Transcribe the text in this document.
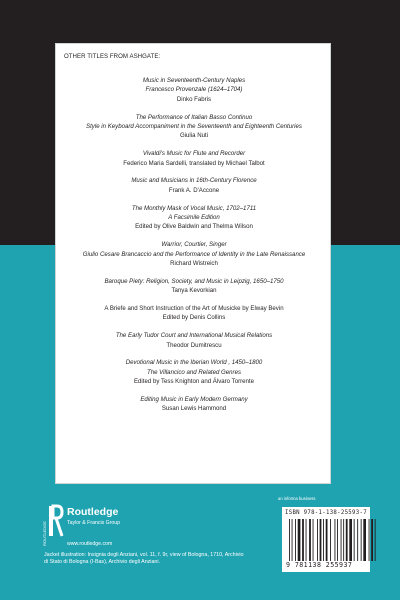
OTHER TITLES FROM ASHGATE:
Music in Seventeenth-Century Naples
Francesco Provenzale (1624–1704)
Dinko Fabris
The Performance of Italian Basso Continuo
Style in Keyboard Accompaniment in the Seventeenth and Eighteenth Centuries
Giulia Nuti
Vivaldi's Music for Flute and Recorder
Federico Maria Sardelli, translated by Michael Talbot
Music and Musicians in 16th-Century Florence
Frank A. D'Accone
The Monthly Mask of Vocal Music, 1702–1711
A Facsimile Edition
Edited by Olive Baldwin and Thelma Wilson
Warrior, Courtier, Singer
Giulio Cesare Brancaccio and the Performance of Identity in the Late Renaissance
Richard Wistreich
Baroque Piety: Religion, Society, and Music in Leipzig, 1650–1750
Tanya Kevorkian
A Briefe and Short Instruction of the Art of Musicke by Elway Bevin
Edited by Denis Collins
The Early Tudor Court and International Musical Relations
Theodor Dumitrescu
Devotional Music in the Iberian World , 1450–1800
The Villancico and Related Genres
Edited by Tess Knighton and Álvaro Torrente
Editing Music in Early Modern Germany
Susan Lewis Hammond
ROUTLEDGE
Routledge
Taylor & Francis Group
www.routledge.com
Jacket illustration: Insignia degli Anziani, vol. 11, f. 9r, view of Bologna, 1710, Archivio di Stato di Bologna (I-Bas), Archivio degli Anziani.
an informa business
ISBN 978-1-138-25593-7
9 781138 255937
